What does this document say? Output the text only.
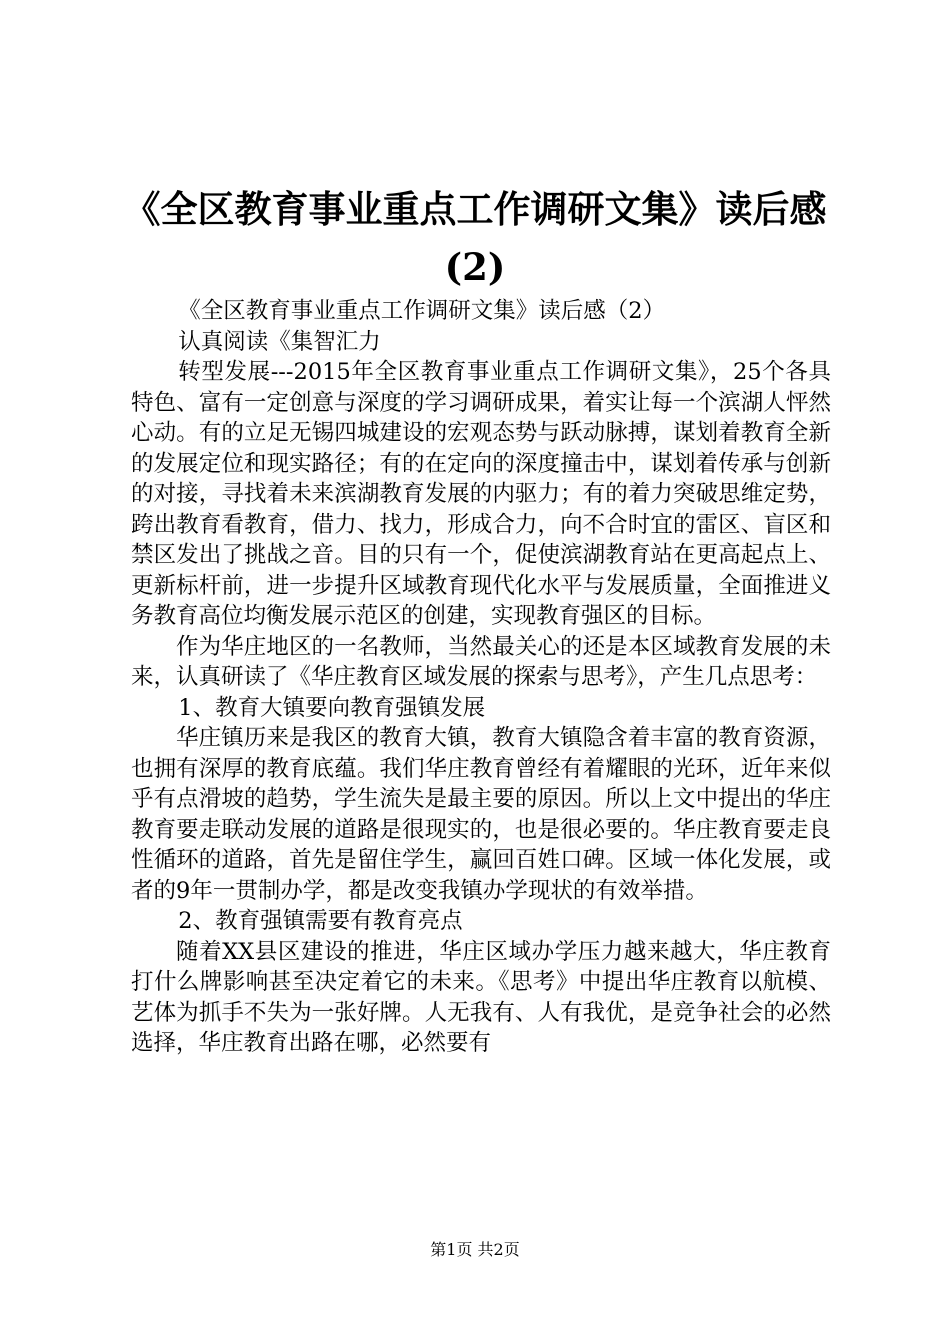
《全区教育事业重点工作调研文集》读后感
(2)

《全区教育事业重点工作调研文集》读后感（2）

认真阅读《集智汇力

转型发展---2015年全区教育事业重点工作调研文集》，25个各具特色、富有一定创意与深度的学习调研成果，着实让每一个滨湖人怦然心动。有的立足无锡四城建设的宏观态势与跃动脉搏，谋划着教育全新的发展定位和现实路径；有的在定向的深度撞击中，谋划着传承与创新的对接，寻找着未来滨湖教育发展的内驱力；有的着力突破思维定势，跨出教育看教育，借力、找力，形成合力，向不合时宜的雷区、盲区和禁区发出了挑战之音。目的只有一个，促使滨湖教育站在更高起点上、更新标杆前，进一步提升区域教育现代化水平与发展质量，全面推进义务教育高位均衡发展示范区的创建，实现教育强区的目标。

作为华庄地区的一名教师，当然最关心的还是本区域教育发展的未来，认真研读了《华庄教育区域发展的探索与思考》，产生几点思考：

1、教育大镇要向教育强镇发展

华庄镇历来是我区的教育大镇，教育大镇隐含着丰富的教育资源，也拥有深厚的教育底蕴。我们华庄教育曾经有着耀眼的光环，近年来似乎有点滑坡的趋势，学生流失是最主要的原因。所以上文中提出的华庄教育要走联动发展的道路是很现实的，也是很必要的。华庄教育要走良性循环的道路，首先是留住学生，赢回百姓口碑。区域一体化发展，或者的9年一贯制办学，都是改变我镇办学现状的有效举措。

2、教育强镇需要有教育亮点

随着XX县区建设的推进，华庄区域办学压力越来越大，华庄教育打什么牌影响甚至决定着它的未来。《思考》中提出华庄教育以航模、艺体为抓手不失为一张好牌。人无我有、人有我优，是竞争社会的必然选择，华庄教育出路在哪，必然要有

第1页 共2页
